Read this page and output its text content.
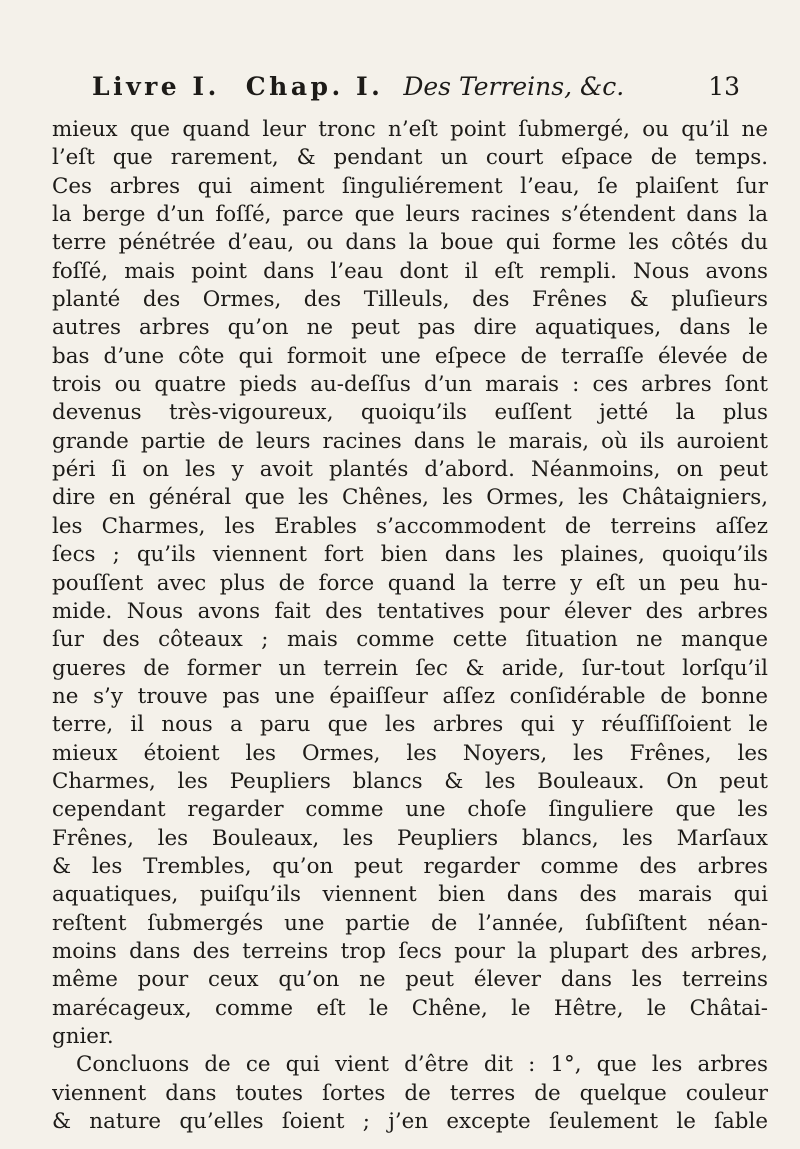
Livre I. Chap. I. Des Terreins, &c.	13
mieux que quand leur tronc n’eſt point ſubmergé, ou qu’il ne
l’eſt que rarement, & pendant un court eſpace de temps.
Ces arbres qui aiment ſinguliérement l’eau, ſe plaiſent ſur
la berge d’un foſſé, parce que leurs racines s’étendent dans la
terre pénétrée d’eau, ou dans la boue qui forme les côtés du
foſſé, mais point dans l’eau dont il eſt rempli. Nous avons
planté des Ormes, des Tilleuls, des Frênes & pluſieurs
autres arbres qu’on ne peut pas dire aquatiques, dans le
bas d’une côte qui formoit une eſpece de terraſſe élevée de
trois ou quatre pieds au-deſſus d’un marais : ces arbres ſont
devenus très-vigoureux, quoiqu’ils euſſent jetté la plus
grande partie de leurs racines dans le marais, où ils auroient
péri ſi on les y avoit plantés d’abord. Néanmoins, on peut
dire en général que les Chênes, les Ormes, les Châtaigniers,
les Charmes, les Erables s’accommodent de terreins aſſez
ſecs ; qu’ils viennent fort bien dans les plaines, quoiqu’ils
pouſſent avec plus de force quand la terre y eſt un peu hu-
mide. Nous avons fait des tentatives pour élever des arbres
ſur des côteaux ; mais comme cette ſituation ne manque
gueres de former un terrein ſec & aride, ſur-tout lorſqu’il
ne s’y trouve pas une épaiſſeur aſſez conſidérable de bonne
terre, il nous a paru que les arbres qui y réuſſiſſoient le
mieux étoient les Ormes, les Noyers, les Frênes, les
Charmes, les Peupliers blancs & les Bouleaux. On peut
cependant regarder comme une choſe ſinguliere que les
Frênes, les Bouleaux, les Peupliers blancs, les Marſaux
& les Trembles, qu’on peut regarder comme des arbres
aquatiques, puiſqu’ils viennent bien dans des marais qui
reſtent ſubmergés une partie de l’année, ſubſiſtent néan-
moins dans des terreins trop ſecs pour la plupart des arbres,
même pour ceux qu’on ne peut élever dans les terreins
marécageux, comme eſt le Chêne, le Hêtre, le Châtai-
gnier.
Concluons de ce qui vient d’être dit : 1°, que les arbres
viennent dans toutes ſortes de terres de quelque couleur
& nature qu’elles ſoient ; j’en excepte ſeulement le ſable
